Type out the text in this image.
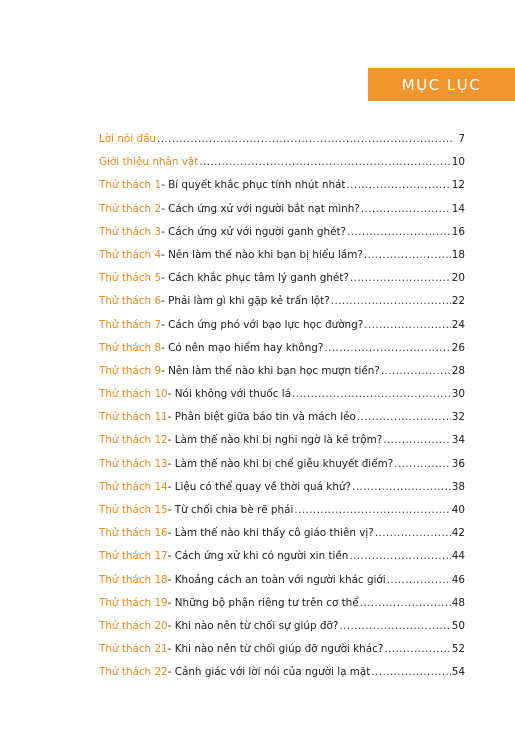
MỤC LỤC
Lời nói đầu .....	7
Giới thiệu nhân vật .....	10
Thử thách 1 - Bí quyết khắc phục tính nhút nhát .....	12
Thử thách 2 - Cách ứng xử với người bắt nạt mình? .....	14
Thử thách 3 - Cách ứng xử với người ganh ghét? .....	16
Thử thách 4 - Nên làm thế nào khi bạn bị hiểu lầm? .....	18
Thử thách 5 - Cách khắc phục tâm lý ganh ghét? .....	20
Thử thách 6 - Phải làm gì khi gặp kẻ trấn lột? .....	22
Thử thách 7 - Cách ứng phó với bạo lực học đường? .....	24
Thử thách 8 - Có nên mạo hiểm hay không? .....	26
Thử thách 9 - Nên làm thế nào khi bạn học mượn tiền? .....	28
Thử thách 10 - Nói không với thuốc lá .....	30
Thử thách 11 - Phân biệt giữa báo tin và mách lẻo .....	32
Thử thách 12 - Làm thế nào khi bị nghi ngờ là kẻ trộm? .....	34
Thử thách 13 - Làm thế nào khi bị chế giễu khuyết điểm? .....	36
Thử thách 14 - Liệu có thể quay về thời quá khứ? .....	38
Thử thách 15 - Từ chối chia bè rẽ phái .....	40
Thử thách 16 - Làm thế nào khi thấy cô giáo thiên vị? .....	42
Thử thách 17 - Cách ứng xử khi có người xin tiền .....	44
Thử thách 18 - Khoảng cách an toàn với người khác giới .....	46
Thử thách 19 - Những bộ phận riêng tư trên cơ thể .....	48
Thử thách 20 - Khi nào nên từ chối sự giúp đỡ? .....	50
Thử thách 21 - Khi nào nên từ chối giúp đỡ người khác? .....	52
Thử thách 22 - Cảnh giác với lời nói của người lạ mặt .....	54
